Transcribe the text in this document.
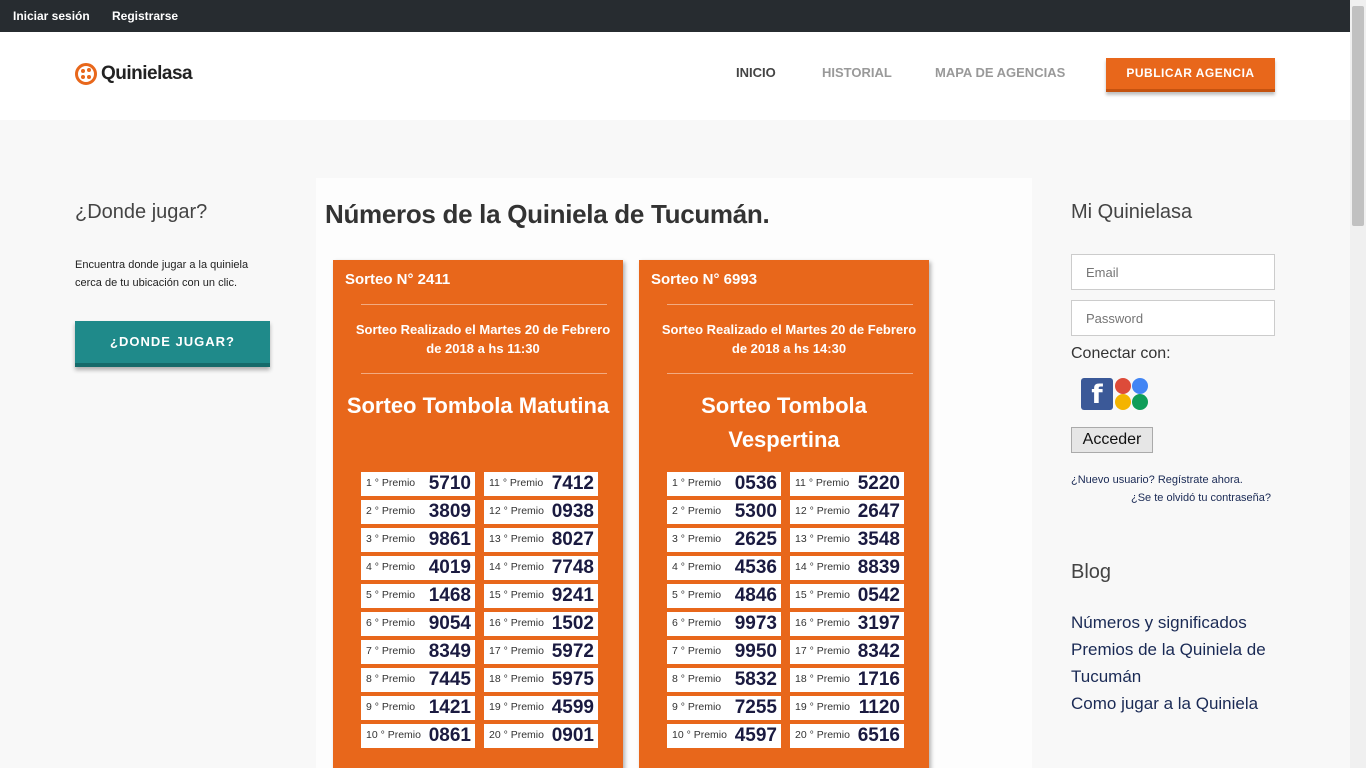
Iniciar sesión Registrarse
Quinielasa	INICIO	HISTORIAL	MAPA DE AGENCIAS	PUBLICAR AGENCIA
¿Donde jugar?
Encuentra donde jugar a la quiniela cerca de tu ubicación con un clic.
¿DONDE JUGAR?
Números de la Quiniela de Tucumán.
Sorteo N° 2411
Sorteo Realizado el Martes 20 de Febrero de 2018 a hs 11:30
Sorteo Tombola Matutina
1 ° Premio 5710
2 ° Premio 3809
3 ° Premio 9861
4 ° Premio 4019
5 ° Premio 1468
6 ° Premio 9054
7 ° Premio 8349
8 ° Premio 7445
9 ° Premio 1421
10 ° Premio 0861
11 ° Premio 7412
12 ° Premio 0938
13 ° Premio 8027
14 ° Premio 7748
15 ° Premio 9241
16 ° Premio 1502
17 ° Premio 5972
18 ° Premio 5975
19 ° Premio 4599
20 ° Premio 0901
Sorteo N° 6993
Sorteo Realizado el Martes 20 de Febrero de 2018 a hs 14:30
Sorteo Tombola Vespertina
1 ° Premio 0536
2 ° Premio 5300
3 ° Premio 2625
4 ° Premio 4536
5 ° Premio 4846
6 ° Premio 9973
7 ° Premio 9950
8 ° Premio 5832
9 ° Premio 7255
10 ° Premio 4597
11 ° Premio 5220
12 ° Premio 2647
13 ° Premio 3548
14 ° Premio 8839
15 ° Premio 0542
16 ° Premio 3197
17 ° Premio 8342
18 ° Premio 1716
19 ° Premio 1120
20 ° Premio 6516
Mi Quinielasa
Email
Conectar con:
f
Acceder
¿Nuevo usuario? Regístrate ahora.
¿Se te olvidó tu contraseña?
Blog
Números y significados
Premios de la Quiniela de Tucumán
Como jugar a la Quiniela
